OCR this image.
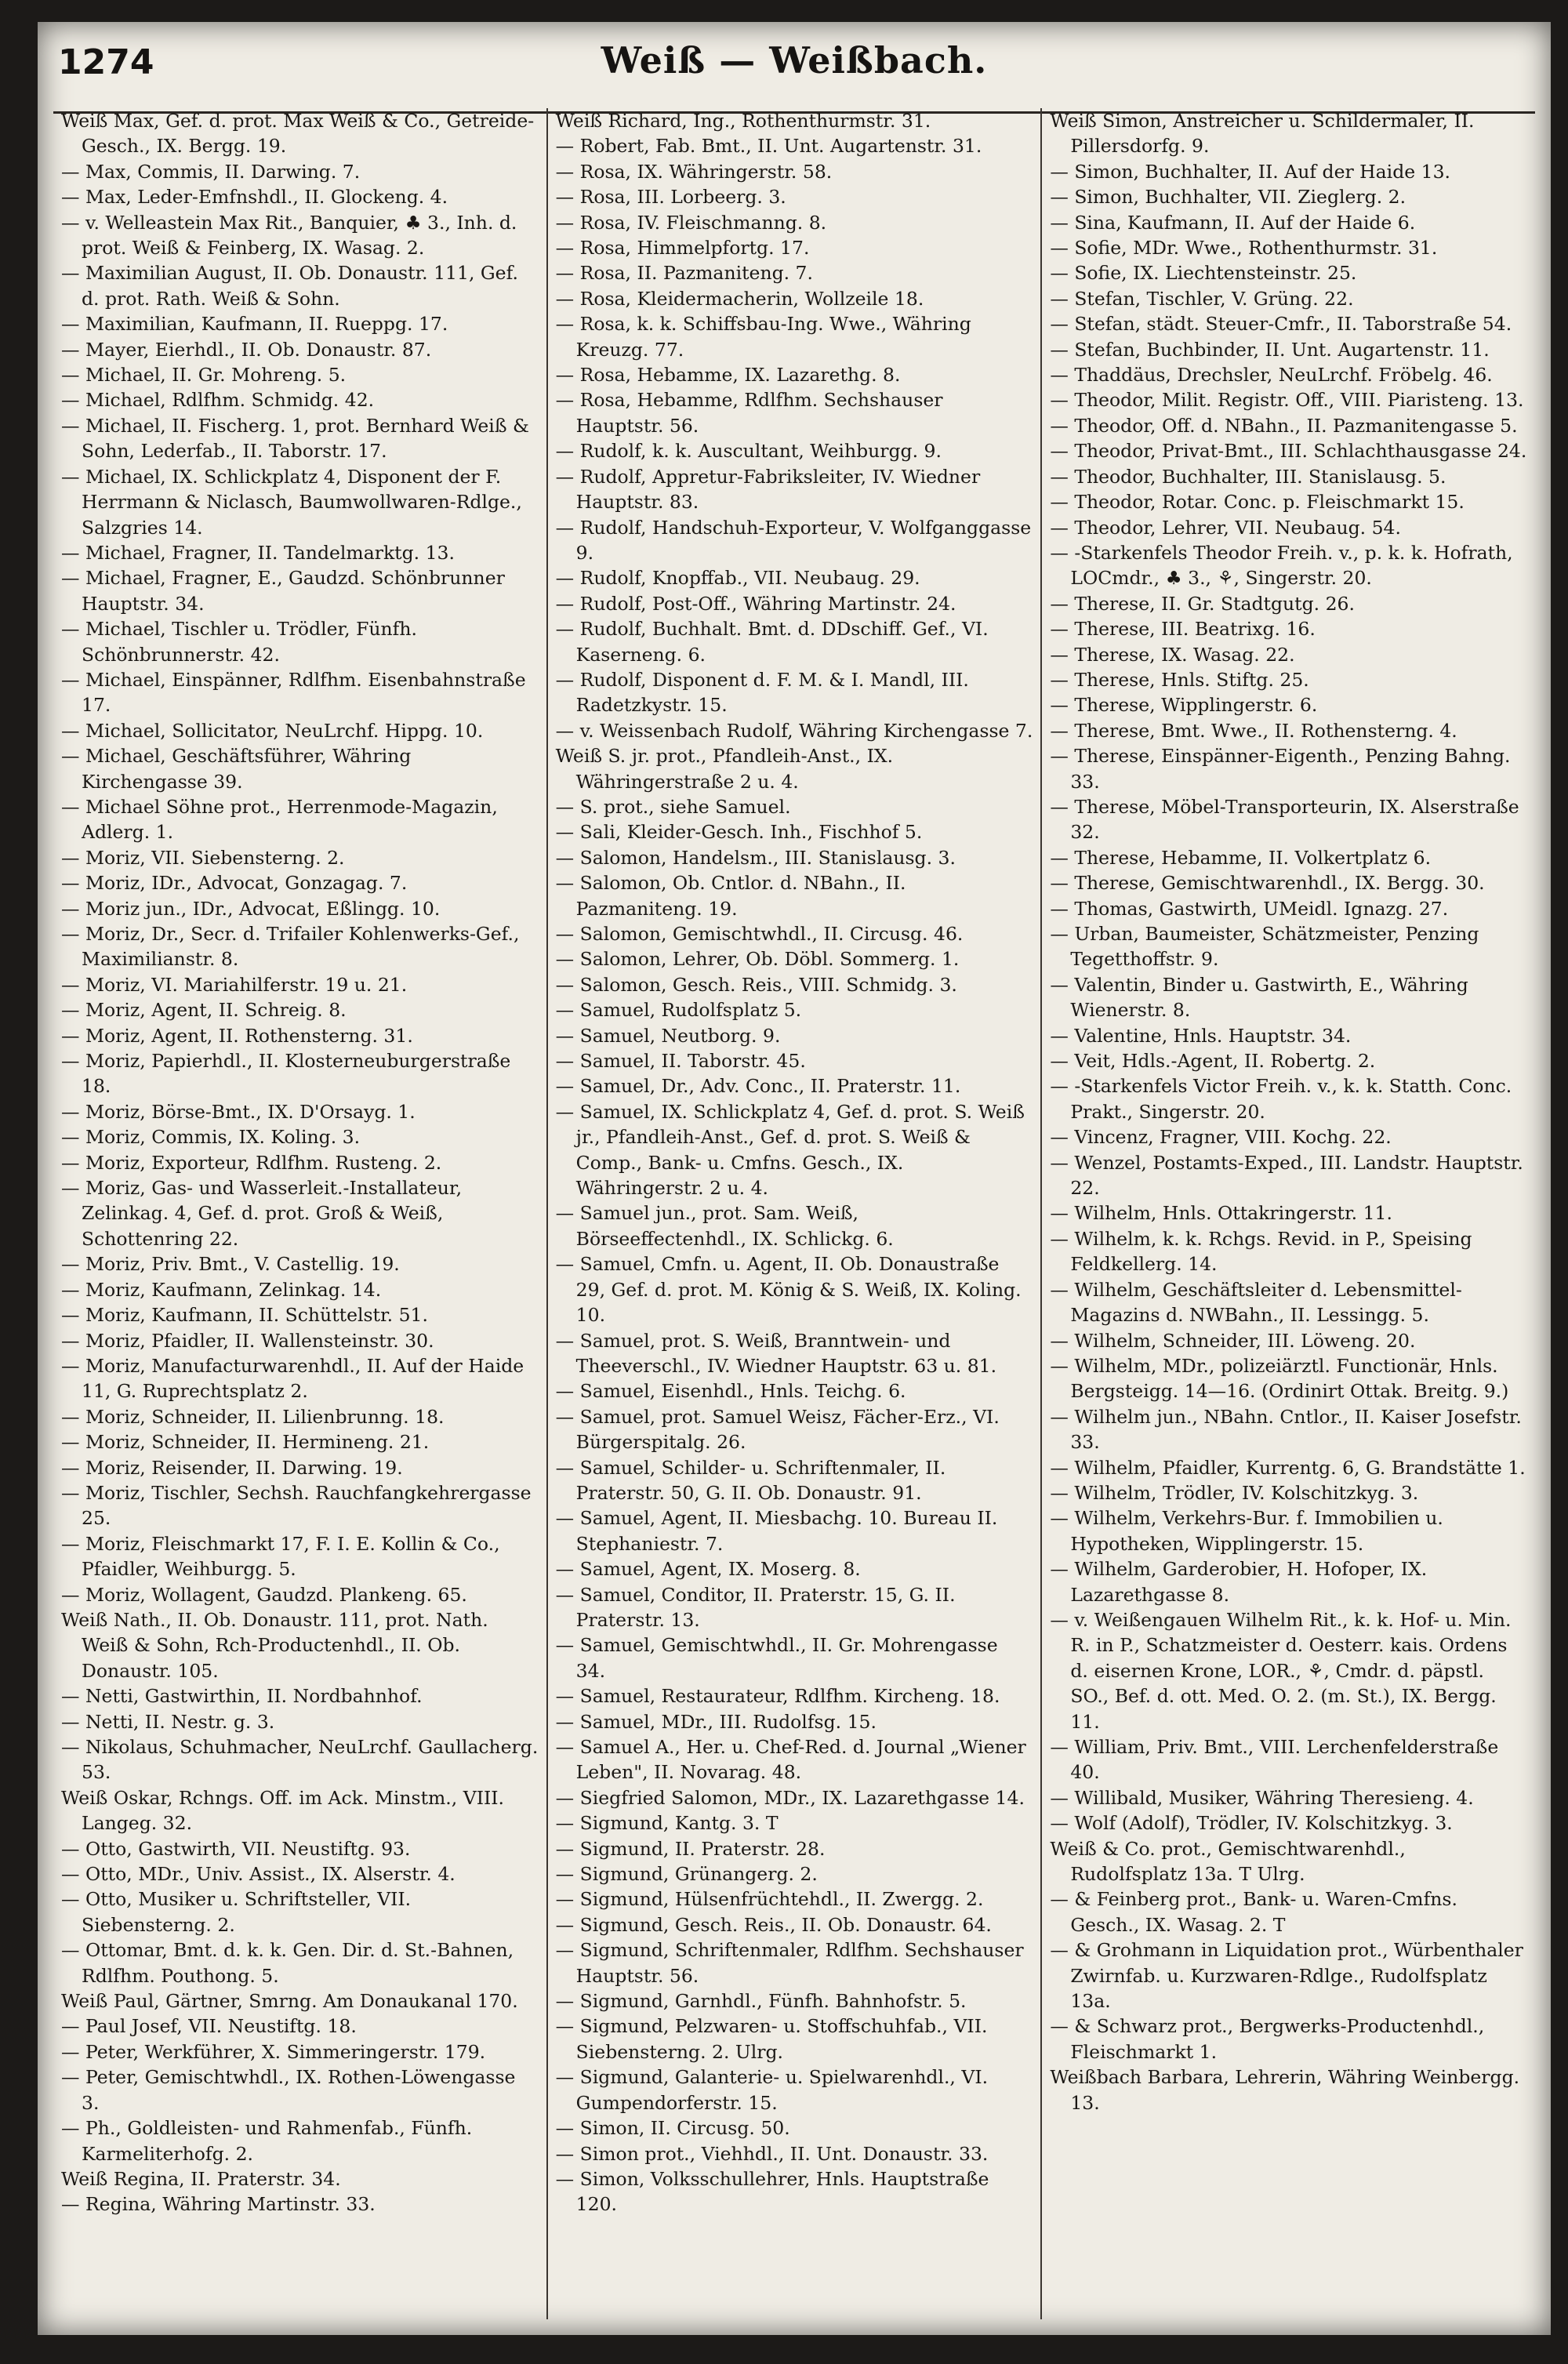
1274	Weiß — Weißbach.
Weiß Max, Gef. d. prot. Max Weiß & Co., Getreide-Gesch., IX. Bergg. 19.
— Max, Commis, II. Darwing. 7.
— Max, Leder-Emfnshdl., II. Glockeng. 4.
— v. Welleastein Max Rit., Banquier, ♣ 3., Inh. d. prot. Weiß & Feinberg, IX. Wasag. 2.
— Maximilian August, II. Ob. Donaustr. 111, Gef. d. prot. Rath. Weiß & Sohn.
— Maximilian, Kaufmann, II. Rueppg. 17.
— Mayer, Eierhdl., II. Ob. Donaustr. 87.
— Michael, II. Gr. Mohreng. 5.
— Michael, Rdlfhm. Schmidg. 42.
— Michael, II. Fischerg. 1, prot. Bernhard Weiß & Sohn, Lederfab., II. Taborstr. 17.
— Michael, IX. Schlickplatz 4, Disponent der F. Herrmann & Niclasch, Baumwollwaren-Rdlge., Salzgries 14.
— Michael, Fragner, II. Tandelmarktg. 13.
— Michael, Fragner, E., Gaudzd. Schönbrunner Hauptstr. 34.
— Michael, Tischler u. Trödler, Fünfh. Schönbrunnerstr. 42.
— Michael, Einspänner, Rdlfhm. Eisenbahnstraße 17.
— Michael, Sollicitator, NeuLrchf. Hippg. 10.
— Michael, Geschäftsführer, Währing Kirchengasse 39.
— Michael Söhne prot., Herrenmode-Magazin, Adlerg. 1.
— Moriz, VII. Siebensterng. 2.
— Moriz, IDr., Advocat, Gonzagag. 7.
— Moriz jun., IDr., Advocat, Eßlingg. 10.
— Moriz, Dr., Secr. d. Trifailer Kohlenwerks-Gef., Maximilianstr. 8.
— Moriz, VI. Mariahilferstr. 19 u. 21.
— Moriz, Agent, II. Schreig. 8.
— Moriz, Agent, II. Rothensterng. 31.
— Moriz, Papierhdl., II. Klosterneuburgerstraße 18.
— Moriz, Börse-Bmt., IX. D'Orsayg. 1.
— Moriz, Commis, IX. Koling. 3.
— Moriz, Exporteur, Rdlfhm. Rusteng. 2.
— Moriz, Gas- und Wasserleit.-Installateur, Zelinkag. 4, Gef. d. prot. Groß & Weiß, Schottenring 22.
— Moriz, Priv. Bmt., V. Castellig. 19.
— Moriz, Kaufmann, Zelinkag. 14.
— Moriz, Kaufmann, II. Schüttelstr. 51.
— Moriz, Pfaidler, II. Wallensteinstr. 30.
— Moriz, Manufacturwarenhdl., II. Auf der Haide 11, G. Ruprechtsplatz 2.
— Moriz, Schneider, II. Lilienbrunng. 18.
— Moriz, Schneider, II. Hermineng. 21.
— Moriz, Reisender, II. Darwing. 19.
— Moriz, Tischler, Sechsh. Rauchfangkehrergasse 25.
— Moriz, Fleischmarkt 17, F. I. E. Kollin & Co., Pfaidler, Weihburgg. 5.
— Moriz, Wollagent, Gaudzd. Plankeng. 65.
Weiß Nath., II. Ob. Donaustr. 111, prot. Nath. Weiß & Sohn, Rch-Productenhdl., II. Ob. Donaustr. 105.
— Netti, Gastwirthin, II. Nordbahnhof.
— Netti, II. Nestr. g. 3.
— Nikolaus, Schuhmacher, NeuLrchf. Gaullacherg. 53.
Weiß Oskar, Rchngs. Off. im Ack. Minstm., VIII. Langeg. 32.
— Otto, Gastwirth, VII. Neustiftg. 93.
— Otto, MDr., Univ. Assist., IX. Alserstr. 4.
— Otto, Musiker u. Schriftsteller, VII. Siebensterng. 2.
— Ottomar, Bmt. d. k. k. Gen. Dir. d. St.-Bahnen, Rdlfhm. Pouthong. 5.
Weiß Paul, Gärtner, Smrng. Am Donaukanal 170.
— Paul Josef, VII. Neustiftg. 18.
— Peter, Werkführer, X. Simmeringerstr. 179.
— Peter, Gemischtwhdl., IX. Rothen-Löwengasse 3.
— Ph., Goldleisten- und Rahmenfab., Fünfh. Karmeliterhofg. 2.
Weiß Regina, II. Praterstr. 34.
— Regina, Währing Martinstr. 33.
Weiß Richard, Ing., Rothenthurmstr. 31.
— Robert, Fab. Bmt., II. Unt. Augartenstr. 31.
— Rosa, IX. Währingerstr. 58.
— Rosa, III. Lorbeerg. 3.
— Rosa, IV. Fleischmanng. 8.
— Rosa, Himmelpfortg. 17.
— Rosa, II. Pazmaniteng. 7.
— Rosa, Kleidermacherin, Wollzeile 18.
— Rosa, k. k. Schiffsbau-Ing. Wwe., Währing Kreuzg. 77.
— Rosa, Hebamme, IX. Lazarethg. 8.
— Rosa, Hebamme, Rdlfhm. Sechshauser Hauptstr. 56.
— Rudolf, k. k. Auscultant, Weihburgg. 9.
— Rudolf, Appretur-Fabriksleiter, IV. Wiedner Hauptstr. 83.
— Rudolf, Handschuh-Exporteur, V. Wolfganggasse 9.
— Rudolf, Knopffab., VII. Neubaug. 29.
— Rudolf, Post-Off., Währing Martinstr. 24.
— Rudolf, Buchhalt. Bmt. d. DDschiff. Gef., VI. Kaserneng. 6.
— Rudolf, Disponent d. F. M. & I. Mandl, III. Radetzkystr. 15.
— v. Weissenbach Rudolf, Währing Kirchengasse 7.
Weiß S. jr. prot., Pfandleih-Anst., IX. Währingerstraße 2 u. 4.
— S. prot., siehe Samuel.
— Sali, Kleider-Gesch. Inh., Fischhof 5.
— Salomon, Handelsm., III. Stanislausg. 3.
— Salomon, Ob. Cntlor. d. NBahn., II. Pazmaniteng. 19.
— Salomon, Gemischtwhdl., II. Circusg. 46.
— Salomon, Lehrer, Ob. Döbl. Sommerg. 1.
— Salomon, Gesch. Reis., VIII. Schmidg. 3.
— Samuel, Rudolfsplatz 5.
— Samuel, Neutborg. 9.
— Samuel, II. Taborstr. 45.
— Samuel, Dr., Adv. Conc., II. Praterstr. 11.
— Samuel, IX. Schlickplatz 4, Gef. d. prot. S. Weiß jr., Pfandleih-Anst., Gef. d. prot. S. Weiß & Comp., Bank- u. Cmfns. Gesch., IX. Währingerstr. 2 u. 4.
— Samuel jun., prot. Sam. Weiß, Börseeffectenhdl., IX. Schlickg. 6.
— Samuel, Cmfn. u. Agent, II. Ob. Donaustraße 29, Gef. d. prot. M. König & S. Weiß, IX. Koling. 10.
— Samuel, prot. S. Weiß, Branntwein- und Theeverschl., IV. Wiedner Hauptstr. 63 u. 81.
— Samuel, Eisenhdl., Hnls. Teichg. 6.
— Samuel, prot. Samuel Weisz, Fächer-Erz., VI. Bürgerspitalg. 26.
— Samuel, Schilder- u. Schriftenmaler, II. Praterstr. 50, G. II. Ob. Donaustr. 91.
— Samuel, Agent, II. Miesbachg. 10. Bureau II. Stephaniestr. 7.
— Samuel, Agent, IX. Moserg. 8.
— Samuel, Conditor, II. Praterstr. 15, G. II. Praterstr. 13.
— Samuel, Gemischtwhdl., II. Gr. Mohrengasse 34.
— Samuel, Restaurateur, Rdlfhm. Kircheng. 18.
— Samuel, MDr., III. Rudolfsg. 15.
— Samuel A., Her. u. Chef-Red. d. Journal „Wiener Leben", II. Novarag. 48.
— Siegfried Salomon, MDr., IX. Lazarethgasse 14.
— Sigmund, Kantg. 3. T
— Sigmund, II. Praterstr. 28.
— Sigmund, Grünangerg. 2.
— Sigmund, Hülsenfrüchtehdl., II. Zwergg. 2.
— Sigmund, Gesch. Reis., II. Ob. Donaustr. 64.
— Sigmund, Schriftenmaler, Rdlfhm. Sechshauser Hauptstr. 56.
— Sigmund, Garnhdl., Fünfh. Bahnhofstr. 5.
— Sigmund, Pelzwaren- u. Stoffschuhfab., VII. Siebensterng. 2. Ulrg.
— Sigmund, Galanterie- u. Spielwarenhdl., VI. Gumpendorferstr. 15.
— Simon, II. Circusg. 50.
— Simon prot., Viehhdl., II. Unt. Donaustr. 33.
— Simon, Volksschullehrer, Hnls. Hauptstraße 120.
Weiß Simon, Anstreicher u. Schildermaler, II. Pillersdorfg. 9.
— Simon, Buchhalter, II. Auf der Haide 13.
— Simon, Buchhalter, VII. Zieglerg. 2.
— Sina, Kaufmann, II. Auf der Haide 6.
— Sofie, MDr. Wwe., Rothenthurmstr. 31.
— Sofie, IX. Liechtensteinstr. 25.
— Stefan, Tischler, V. Grüng. 22.
— Stefan, städt. Steuer-Cmfr., II. Taborstraße 54.
— Stefan, Buchbinder, II. Unt. Augartenstr. 11.
— Thaddäus, Drechsler, NeuLrchf. Fröbelg. 46.
— Theodor, Milit. Registr. Off., VIII. Piaristeng. 13.
— Theodor, Off. d. NBahn., II. Pazmanitengasse 5.
— Theodor, Privat-Bmt., III. Schlachthausgasse 24.
— Theodor, Buchhalter, III. Stanislausg. 5.
— Theodor, Rotar. Conc. p. Fleischmarkt 15.
— Theodor, Lehrer, VII. Neubaug. 54.
— -Starkenfels Theodor Freih. v., p. k. k. Hofrath, LOCmdr., ♣ 3., ⚘, Singerstr. 20.
— Therese, II. Gr. Stadtgutg. 26.
— Therese, III. Beatrixg. 16.
— Therese, IX. Wasag. 22.
— Therese, Hnls. Stiftg. 25.
— Therese, Wipplingerstr. 6.
— Therese, Bmt. Wwe., II. Rothensterng. 4.
— Therese, Einspänner-Eigenth., Penzing Bahng. 33.
— Therese, Möbel-Transporteurin, IX. Alserstraße 32.
— Therese, Hebamme, II. Volkertplatz 6.
— Therese, Gemischtwarenhdl., IX. Bergg. 30.
— Thomas, Gastwirth, UMeidl. Ignazg. 27.
— Urban, Baumeister, Schätzmeister, Penzing Tegetthoffstr. 9.
— Valentin, Binder u. Gastwirth, E., Währing Wienerstr. 8.
— Valentine, Hnls. Hauptstr. 34.
— Veit, Hdls.-Agent, II. Robertg. 2.
— -Starkenfels Victor Freih. v., k. k. Statth. Conc. Prakt., Singerstr. 20.
— Vincenz, Fragner, VIII. Kochg. 22.
— Wenzel, Postamts-Exped., III. Landstr. Hauptstr. 22.
— Wilhelm, Hnls. Ottakringerstr. 11.
— Wilhelm, k. k. Rchgs. Revid. in P., Speising Feldkellerg. 14.
— Wilhelm, Geschäftsleiter d. Lebensmittel-Magazins d. NWBahn., II. Lessingg. 5.
— Wilhelm, Schneider, III. Löweng. 20.
— Wilhelm, MDr., polizeiärztl. Functionär, Hnls. Bergsteigg. 14—16. (Ordinirt Ottak. Breitg. 9.)
— Wilhelm jun., NBahn. Cntlor., II. Kaiser Josefstr. 33.
— Wilhelm, Pfaidler, Kurrentg. 6, G. Brandstätte 1.
— Wilhelm, Trödler, IV. Kolschitzkyg. 3.
— Wilhelm, Verkehrs-Bur. f. Immobilien u. Hypotheken, Wipplingerstr. 15.
— Wilhelm, Garderobier, H. Hofoper, IX. Lazarethgasse 8.
— v. Weißengauen Wilhelm Rit., k. k. Hof- u. Min. R. in P., Schatzmeister d. Oesterr. kais. Ordens d. eisernen Krone, LOR., ⚘, Cmdr. d. päpstl. SO., Bef. d. ott. Med. O. 2. (m. St.), IX. Bergg. 11.
— William, Priv. Bmt., VIII. Lerchenfelderstraße 40.
— Willibald, Musiker, Währing Theresieng. 4.
— Wolf (Adolf), Trödler, IV. Kolschitzkyg. 3.
Weiß & Co. prot., Gemischtwarenhdl., Rudolfsplatz 13a. T Ulrg.
— & Feinberg prot., Bank- u. Waren-Cmfns. Gesch., IX. Wasag. 2. T
— & Grohmann in Liquidation prot., Würbenthaler Zwirnfab. u. Kurzwaren-Rdlge., Rudolfsplatz 13a.
— & Schwarz prot., Bergwerks-Productenhdl., Fleischmarkt 1.
Weißbach Barbara, Lehrerin, Währing Weinbergg. 13.
